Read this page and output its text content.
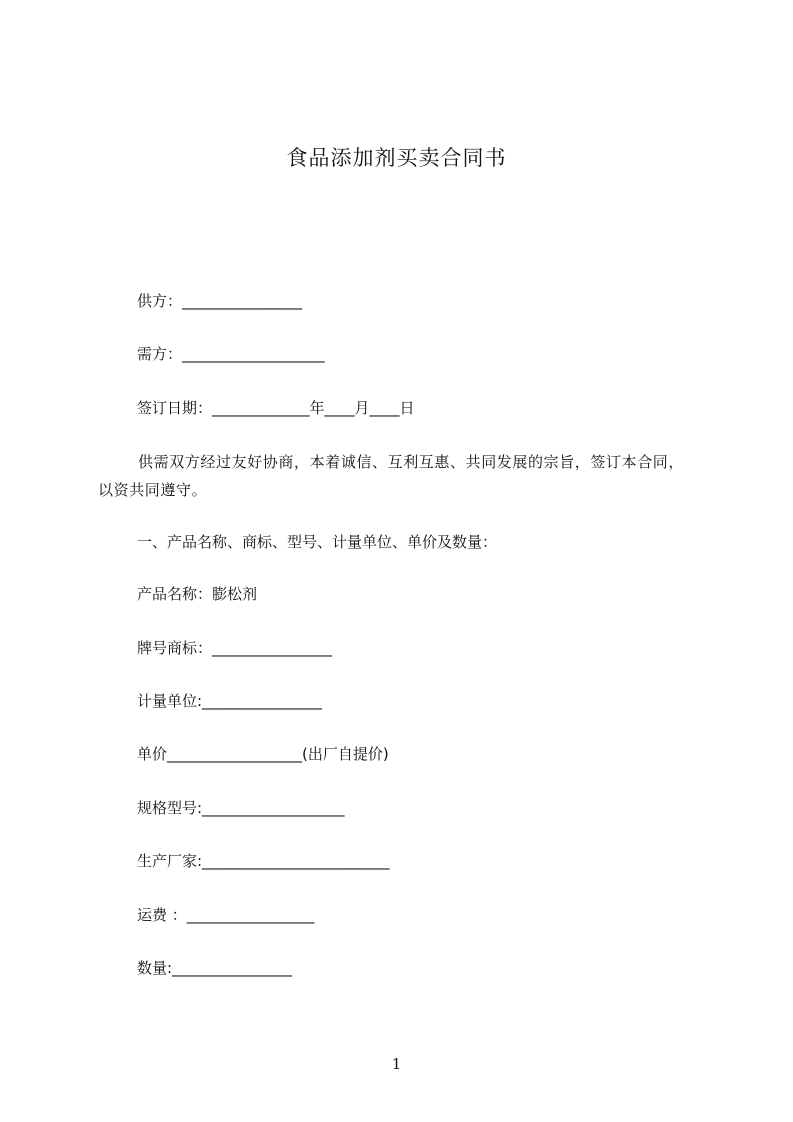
食品添加剂买卖合同书
供方：________________
需方：___________________
签订日期：_____________年____月____日
供需双方经过友好协商，本着诚信、互利互惠、共同发展的宗旨，签订本合同，以资共同遵守。
一、产品名称、商标、型号、计量单位、单价及数量：
产品名称：膨松剂
牌号商标：________________
计量单位:________________
单价__________________(出厂自提价)
规格型号:___________________
生产厂家:_________________________
运费 ：_________________
数量:________________
1
